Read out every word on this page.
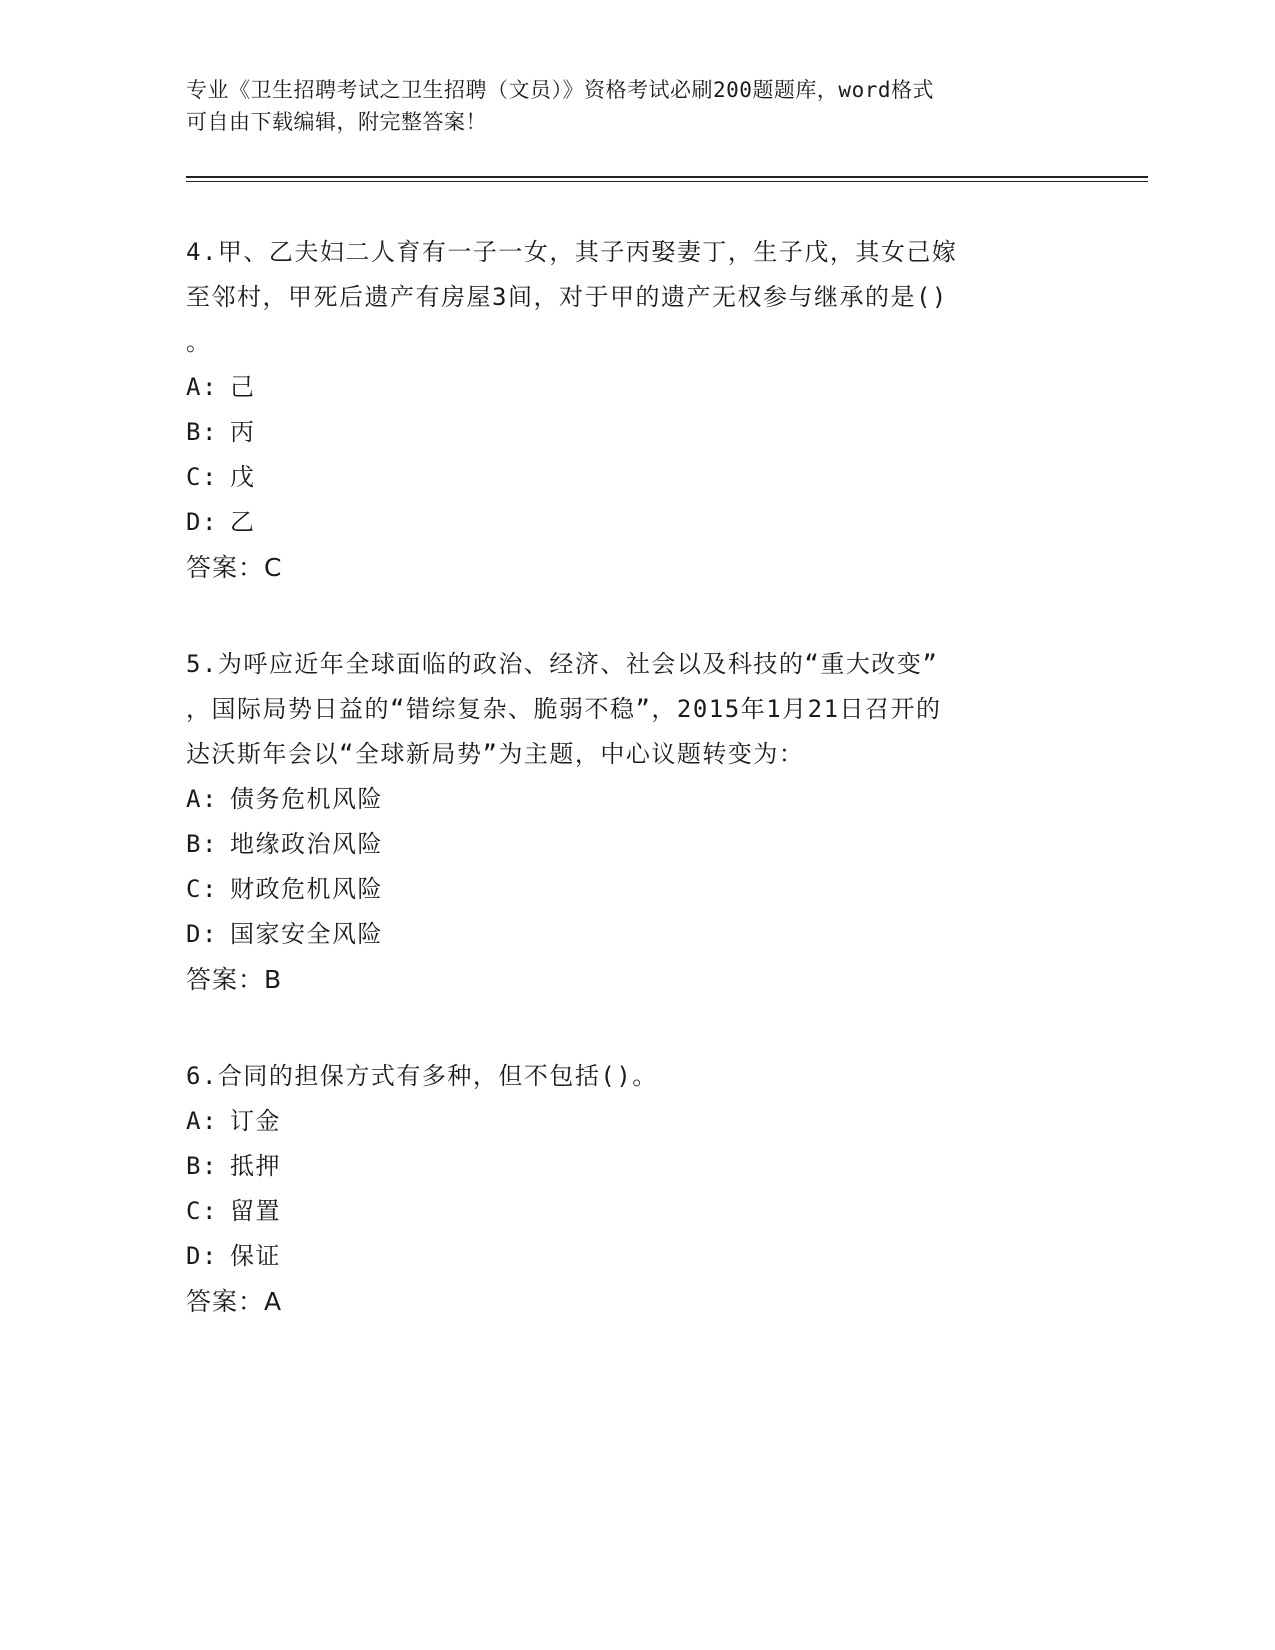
专业《卫生招聘考试之卫生招聘（文员）》资格考试必刷200题题库，word格式
可自由下载编辑，附完整答案！
4.甲、乙夫妇二人育有一子一女，其子丙娶妻丁，生子戊，其女己嫁
至邻村，甲死后遗产有房屋3间，对于甲的遗产无权参与继承的是()
。
A: 己
B: 丙
C: 戊
D: 乙
答案：C
5.为呼应近年全球面临的政治、经济、社会以及科技的“重大改变”
，国际局势日益的“错综复杂、脆弱不稳”，2015年1月21日召开的
达沃斯年会以“全球新局势”为主题，中心议题转变为：
A: 债务危机风险
B: 地缘政治风险
C: 财政危机风险
D: 国家安全风险
答案：B
6.合同的担保方式有多种，但不包括()。
A: 订金
B: 抵押
C: 留置
D: 保证
答案：A
